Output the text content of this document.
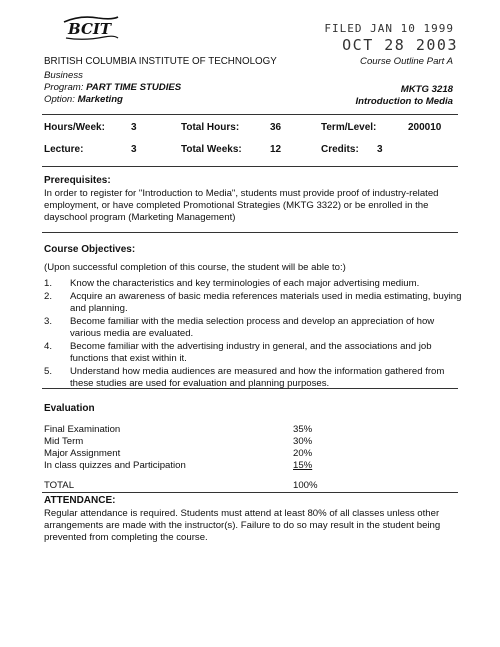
BCIT	FILED JAN 10 1999
OCT 28 2003
BRITISH COLUMBIA INSTITUTE OF TECHNOLOGY	Course Outline Part A
Business
Program: PART TIME STUDIES
Option: Marketing
MKTG 3218
Introduction to Media
Hours/Week:	3	Total Hours:	36	Term/Level:	200010
Lecture:	3	Total Weeks:	12	Credits: 3
Prerequisites:
In order to register for "Introduction to Media", students must provide proof of industry-related employment, or have completed Promotional Strategies (MKTG 3322) or be enrolled in the dayschool program (Marketing Management)
Course Objectives:
(Upon successful completion of this course, the student will be able to:)
1. Know the characteristics and key terminologies of each major advertising medium.
2. Acquire an awareness of basic media references materials used in media estimating, buying and planning.
3. Become familiar with the media selection process and develop an appreciation of how various media are evaluated.
4. Become familiar with the advertising industry in general, and the associations and job functions that exist within it.
5. Understand how media audiences are measured and how the information gathered from these studies are used for evaluation and planning purposes.
Evaluation
Final Examination	35%
Mid Term	30%
Major Assignment	20%
In class quizzes and Participation	15%
TOTAL	100%
ATTENDANCE:
Regular attendance is required. Students must attend at least 80% of all classes unless other arrangements are made with the instructor(s). Failure to do so may result in the student being prevented from completing the course.
